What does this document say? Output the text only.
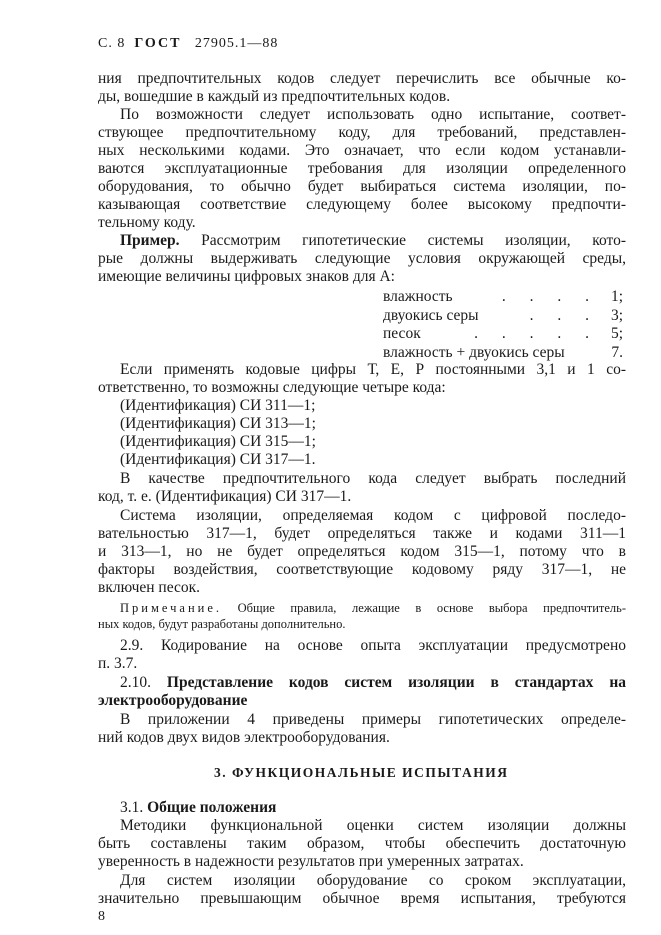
С. 8 ГОСТ 27905.1—88
ния предпочтительных кодов следует перечислить все обычные ко-
ды, вошедшие в каждый из предпочтительных кодов.
По возможности следует использовать одно испытание, соответ-
ствующее предпочтительному коду, для требований, представлен-
ных несколькими кодами. Это означает, что если кодом устанавли-
ваются эксплуатационные требования для изоляции определенного
оборудования, то обычно будет выбираться система изоляции, по-
казывающая соответствие следующему более высокому предпочти-
тельному коду.
Пример. Рассмотрим гипотетические системы изоляции, кото-
рые должны выдерживать следующие условия окружающей среды,
имеющие величины цифровых знаков для А:
влажность	. . . . 1;
двуокись серы	. . . 3;
песок	. . . . . 5;
влажность + двуокись серы	7.
Если применять кодовые цифры Т, Е, Р постоянными 3,1 и 1 со-
ответственно, то возможны следующие четыре кода:
(Идентификация) СИ 311—1;
(Идентификация) СИ 313—1;
(Идентификация) СИ 315—1;
(Идентификация) СИ 317—1.
В качестве предпочтительного кода следует выбрать последний
код, т. е. (Идентификация) СИ 317—1.
Система изоляции, определяемая кодом с цифровой последо-
вательностью 317—1, будет определяться также и кодами 311—1
и 313—1, но не будет определяться кодом 315—1, потому что в
факторы воздействия, соответствующие кодовому ряду 317—1, не
включен песок.
Примечание. Общие правила, лежащие в основе выбора предпочтитель-
ных кодов, будут разработаны дополнительно.
2.9. Кодирование на основе опыта эксплуатации предусмотрено
п. 3.7.
2.10. Представление кодов систем изоляции в стандартах на
электрооборудование
В приложении 4 приведены примеры гипотетических определе-
ний кодов двух видов электрооборудования.
3. ФУНКЦИОНАЛЬНЫЕ ИСПЫТАНИЯ
3.1. Общие положения
Методики функциональной оценки систем изоляции должны
быть составлены таким образом, чтобы обеспечить достаточную
уверенность в надежности результатов при умеренных затратах.
Для систем изоляции оборудование со сроком эксплуатации,
значительно превышающим обычное время испытания, требуются
8
